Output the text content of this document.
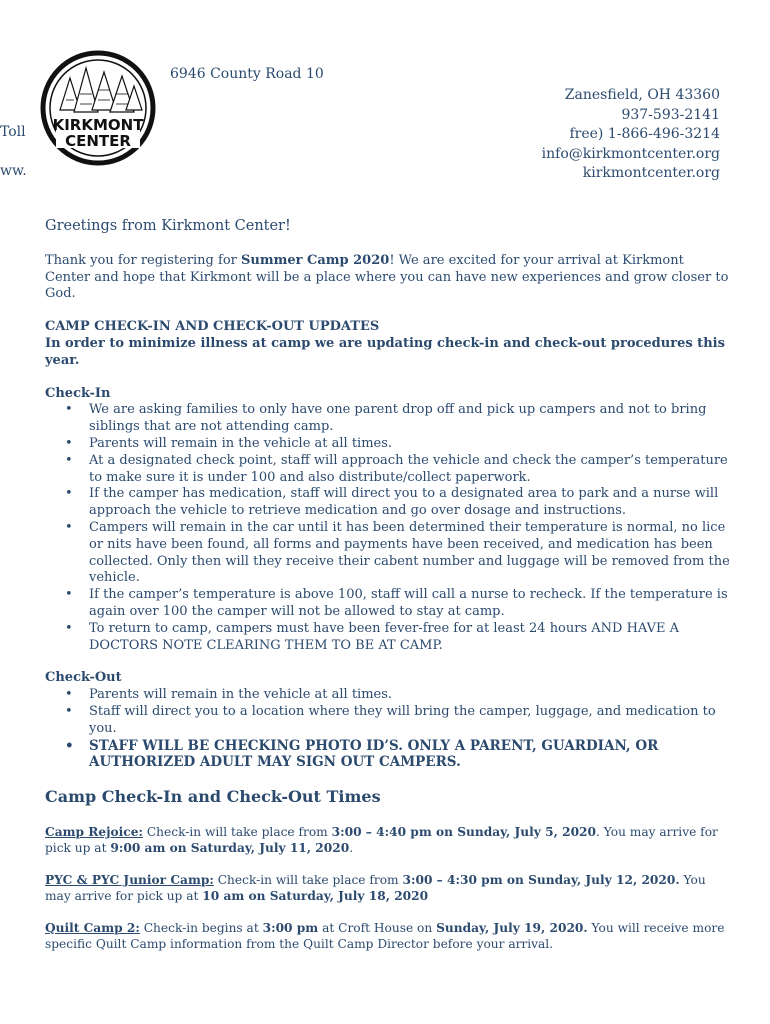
KIRKMONT
CENTER
6946 County Road 10
Toll
ww.
Zanesfield, OH 43360
937-593-2141
free) 1-866-496-3214
info@kirkmontcenter.org
kirkmontcenter.org

Greetings from Kirkmont Center!

Thank you for registering for Summer Camp 2020! We are excited for your arrival at Kirkmont Center and hope that Kirkmont will be a place where you can have new experiences and grow closer to God.

CAMP CHECK-IN AND CHECK-OUT UPDATES
In order to minimize illness at camp we are updating check-in and check-out procedures this year.
Check-In
• We are asking families to only have one parent drop off and pick up campers and not to bring siblings that are not attending camp.
• Parents will remain in the vehicle at all times.
• At a designated check point, staff will approach the vehicle and check the camper’s temperature to make sure it is under 100 and also distribute/collect paperwork.
• If the camper has medication, staff will direct you to a designated area to park and a nurse will approach the vehicle to retrieve medication and go over dosage and instructions.
• Campers will remain in the car until it has been determined their temperature is normal, no lice or nits have been found, all forms and payments have been received, and medication has been collected. Only then will they receive their cabent number and luggage will be removed from the vehicle.
• If the camper’s temperature is above 100, staff will call a nurse to recheck. If the temperature is again over 100 the camper will not be allowed to stay at camp.
• To return to camp, campers must have been fever-free for at least 24 hours AND HAVE A DOCTORS NOTE CLEARING THEM TO BE AT CAMP.
Check-Out
• Parents will remain in the vehicle at all times.
• Staff will direct you to a location where they will bring the camper, luggage, and medication to you.
• STAFF WILL BE CHECKING PHOTO ID’S. ONLY A PARENT, GUARDIAN, OR AUTHORIZED ADULT MAY SIGN OUT CAMPERS.
Camp Check-In and Check-Out Times

Camp Rejoice: Check-in will take place from 3:00 – 4:40 pm on Sunday, July 5, 2020. You may arrive for pick up at 9:00 am on Saturday, July 11, 2020.

PYC & PYC Junior Camp: Check-in will take place from 3:00 – 4:30 pm on Sunday, July 12, 2020. You may arrive for pick up at 10 am on Saturday, July 18, 2020

Quilt Camp 2: Check-in begins at 3:00 pm at Croft House on Sunday, July 19, 2020. You will receive more specific Quilt Camp information from the Quilt Camp Director before your arrival.
